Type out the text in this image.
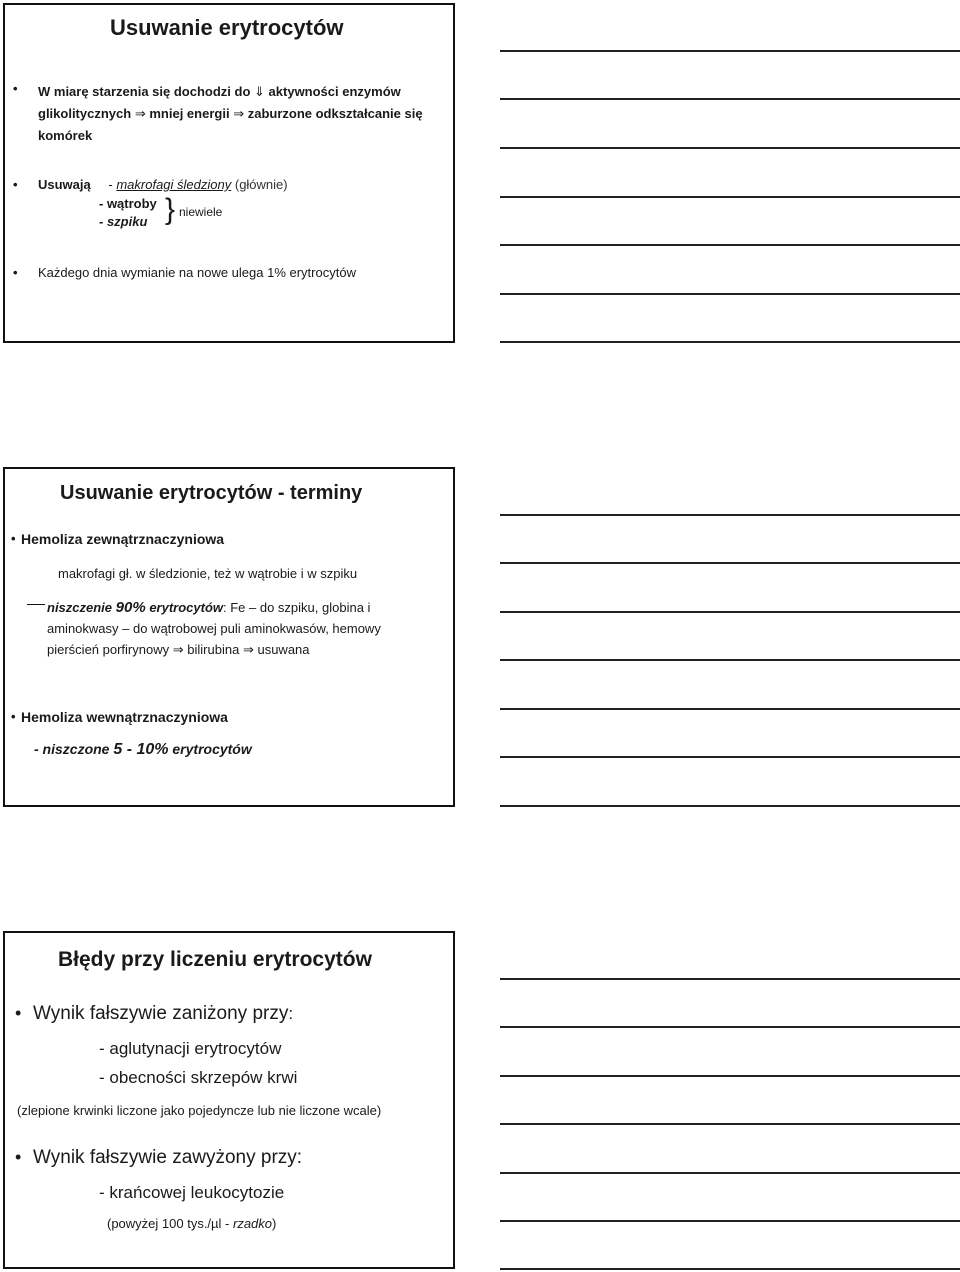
Usuwanie erytrocytów
• W miarę starzenia się dochodzi do ⇓ aktywności enzymów
glikolitycznych ⇒ mniej energii ⇒ zaburzone odkształcanie się
komórek
• Usuwają - makrofagi śledziony (głównie)
- wątroby
- szpiku } niewiele
• Każdego dnia wymianie na nowe ulega 1% erytrocytów
Usuwanie erytrocytów - terminy
• Hemoliza zewnątrznaczyniowa
makrofagi gł. w śledzionie, też w wątrobie i w szpiku
niszczenie 90% erytrocytów: Fe – do szpiku, globina i
aminokwasy – do wątrobowej puli aminokwasów, hemowy
pierścień porfirynowy ⇒ bilirubina ⇒ usuwana
• Hemoliza wewnątrznaczyniowa
- niszczone 5 - 10% erytrocytów
Błędy przy liczeniu erytrocytów
• Wynik fałszywie zaniżony przy:
- aglutynacji erytrocytów
- obecności skrzepów krwi
(zlepione krwinki liczone jako pojedyncze lub nie liczone wcale)
• Wynik fałszywie zawyżony przy:
- krańcowej leukocytozie
(powyżej 100 tys./µl - rzadko)
